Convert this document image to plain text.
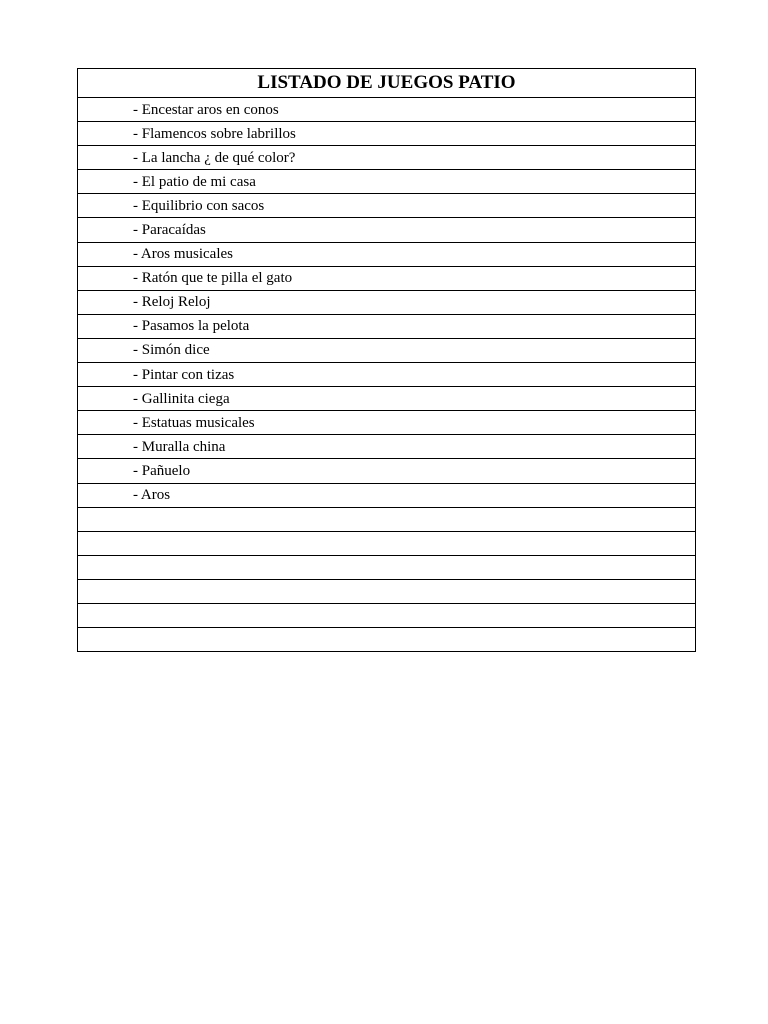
LISTADO DE JUEGOS PATIO
- Encestar aros en conos
- Flamencos sobre labrillos
- La lancha ¿ de qué color?
- El patio de mi casa
- Equilibrio con sacos
- Paracaídas
- Aros musicales
- Ratón que te pilla el gato
- Reloj Reloj
- Pasamos la pelota
- Simón dice
- Pintar con tizas
- Gallinita ciega
- Estatuas musicales
- Muralla china
- Pañuelo
- Aros
